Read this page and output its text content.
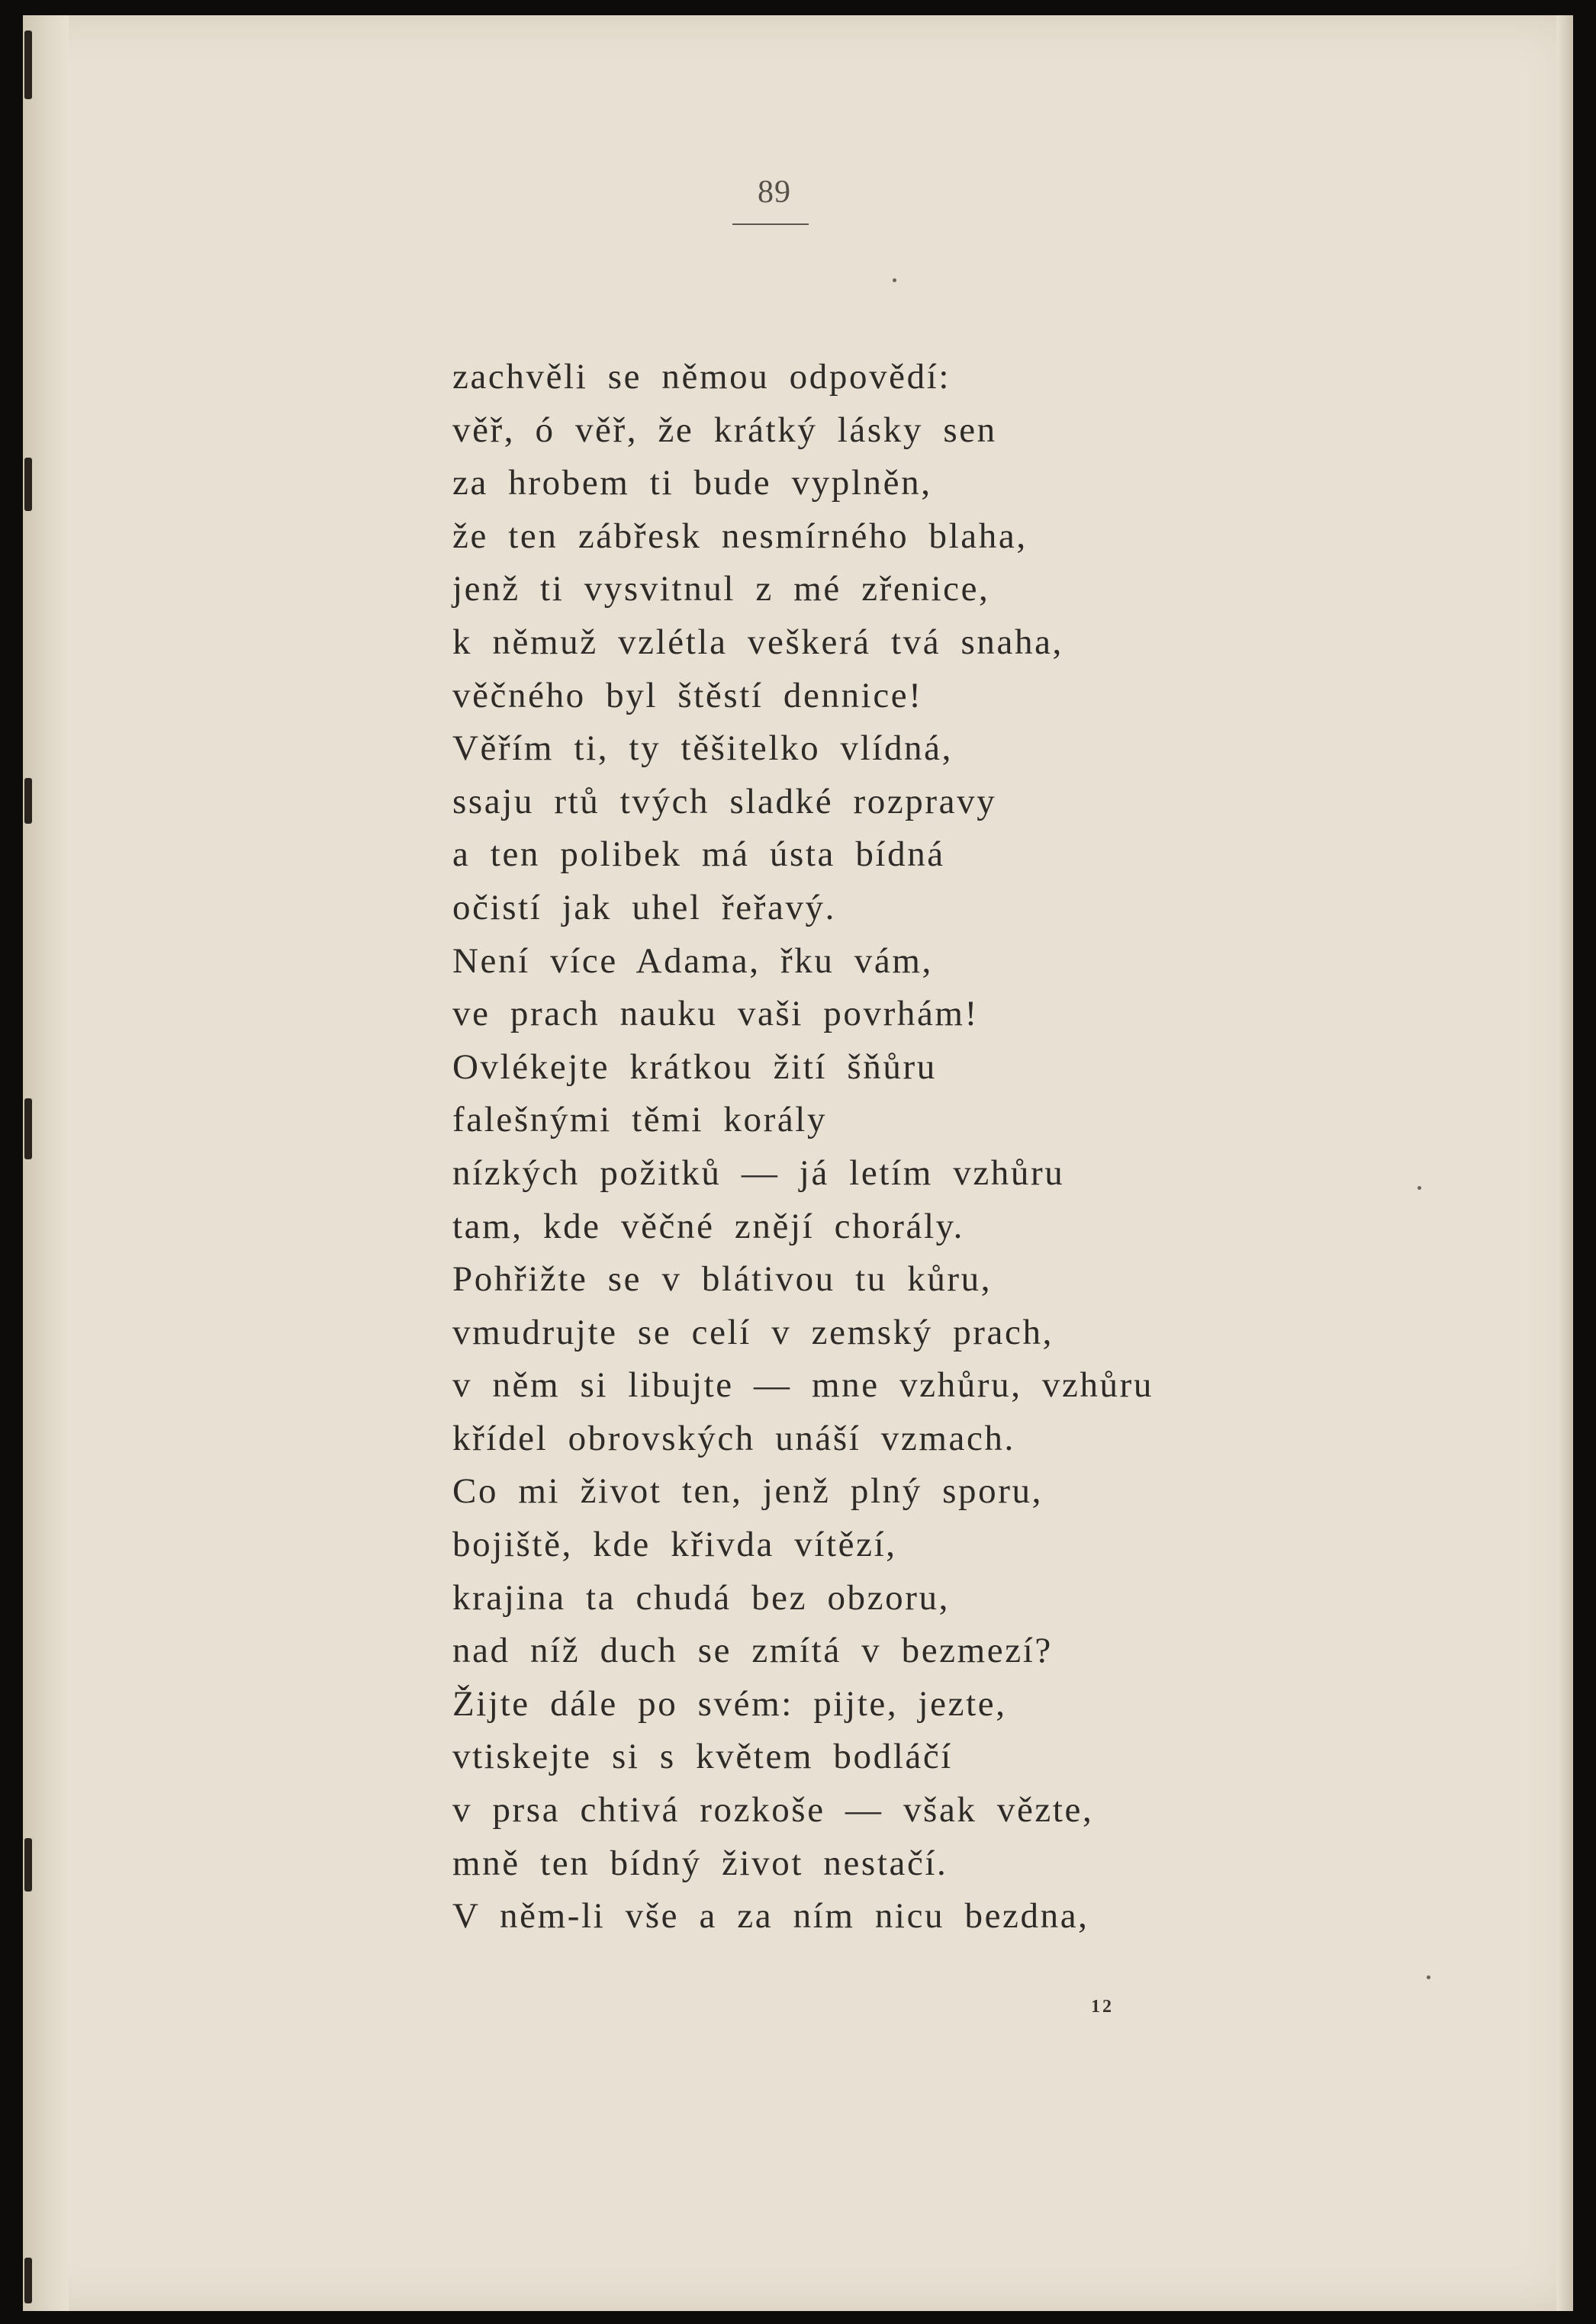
89
zachvěli se němou odpovědí:
věř, ó věř, že krátký lásky sen
za hrobem ti bude vyplněn,
že ten zábřesk nesmírného blaha,
jenž ti vysvitnul z mé zřenice,
k němuž vzlétla veškerá tvá snaha,
věčného byl štěstí dennice!
Věřím ti, ty těšitelko vlídná,
ssaju rtů tvých sladké rozpravy
a ten polibek má ústa bídná
očistí jak uhel řeřavý.
Není více Adama, řku vám,
ve prach nauku vaši povrhám!
Ovlékejte krátkou žití šňůru
falešnými těmi korály
nízkých požitků — já letím vzhůru
tam, kde věčné znějí chorály.
Pohřižte se v blátivou tu kůru,
vmudrujte se celí v zemský prach,
v něm si libujte — mne vzhůru, vzhůru
křídel obrovských unáší vzmach.
Co mi život ten, jenž plný sporu,
bojiště, kde křivda vítězí,
krajina ta chudá bez obzoru,
nad níž duch se zmítá v bezmezí?
Žijte dále po svém: pijte, jezte,
vtiskejte si s květem bodláčí
v prsa chtivá rozkoše — však vězte,
mně ten bídný život nestačí.
V něm-li vše a za ním nicu bezdna,
12
